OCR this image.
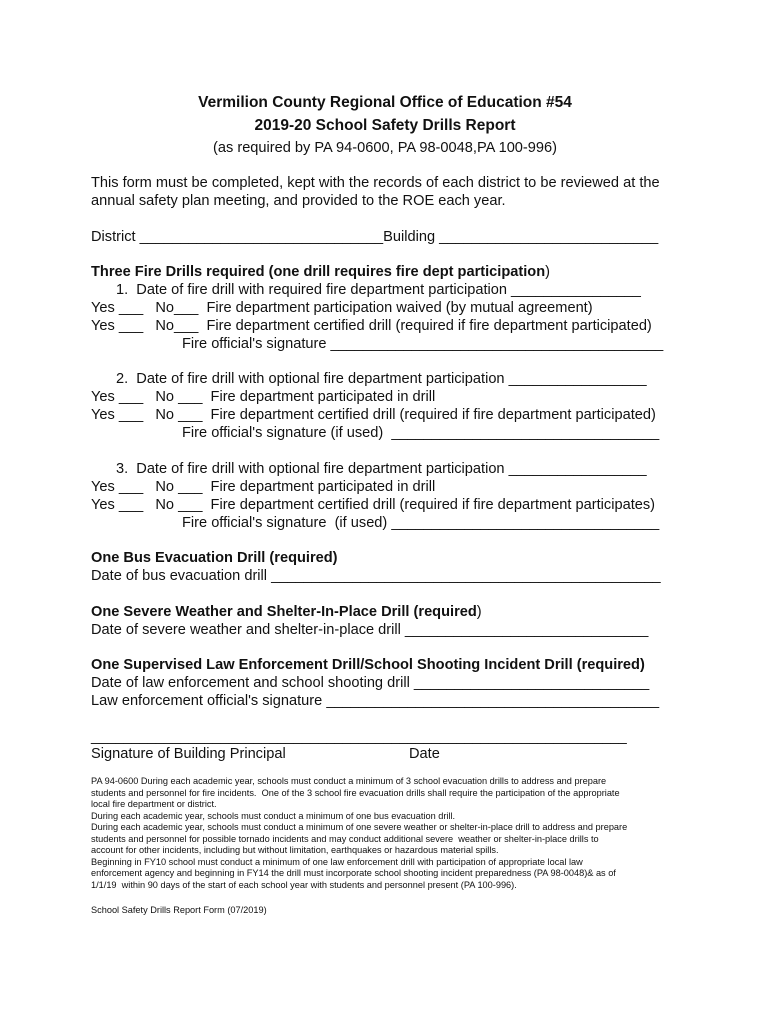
Vermilion County Regional Office of Education #54
2019-20 School Safety Drills Report
(as required by PA 94-0600, PA 98-0048,PA 100-996)
This form must be completed, kept with the records of each district to be reviewed at the
annual safety plan meeting, and provided to the ROE each year.
District ______________________________Building ___________________________
Three Fire Drills required (one drill requires fire dept participation)
1.  Date of fire drill with required fire department participation ________________
Yes ___   No___  Fire department participation waived (by mutual agreement)
Yes ___   No___  Fire department certified drill (required if fire department participated)
Fire official's signature _________________________________________
2.  Date of fire drill with optional fire department participation _________________
Yes ___   No ___  Fire department participated in drill
Yes ___   No ___  Fire department certified drill (required if fire department participated)
Fire official's signature (if used)  _________________________________
3.  Date of fire drill with optional fire department participation _________________
Yes ___   No ___  Fire department participated in drill
Yes ___   No ___  Fire department certified drill (required if fire department participates)
Fire official's signature  (if used) _________________________________
One Bus Evacuation Drill (required)
Date of bus evacuation drill ________________________________________________
One Severe Weather and Shelter-In-Place Drill (required)
Date of severe weather and shelter-in-place drill ______________________________
One Supervised Law Enforcement Drill/School Shooting Incident Drill (required)
Date of law enforcement and school shooting drill _____________________________
Law enforcement official's signature _________________________________________
__________________________________________________________________
Signature of Building Principal	Date
PA 94-0600 During each academic year, schools must conduct a minimum of 3 school evacuation drills to address and prepare
students and personnel for fire incidents.  One of the 3 school fire evacuation drills shall require the participation of the appropriate
local fire department or district.
During each academic year, schools must conduct a minimum of one bus evacuation drill.
During each academic year, schools must conduct a minimum of one severe weather or shelter-in-place drill to address and prepare
students and personnel for possible tornado incidents and may conduct additional severe  weather or shelter-in-place drills to
account for other incidents, including but without limitation, earthquakes or hazardous material spills.
Beginning in FY10 school must conduct a minimum of one law enforcement drill with participation of appropriate local law
enforcement agency and beginning in FY14 the drill must incorporate school shooting incident preparedness (PA 98-0048)& as of
1/1/19  within 90 days of the start of each school year with students and personnel present (PA 100-996).
School Safety Drills Report Form (07/2019)
